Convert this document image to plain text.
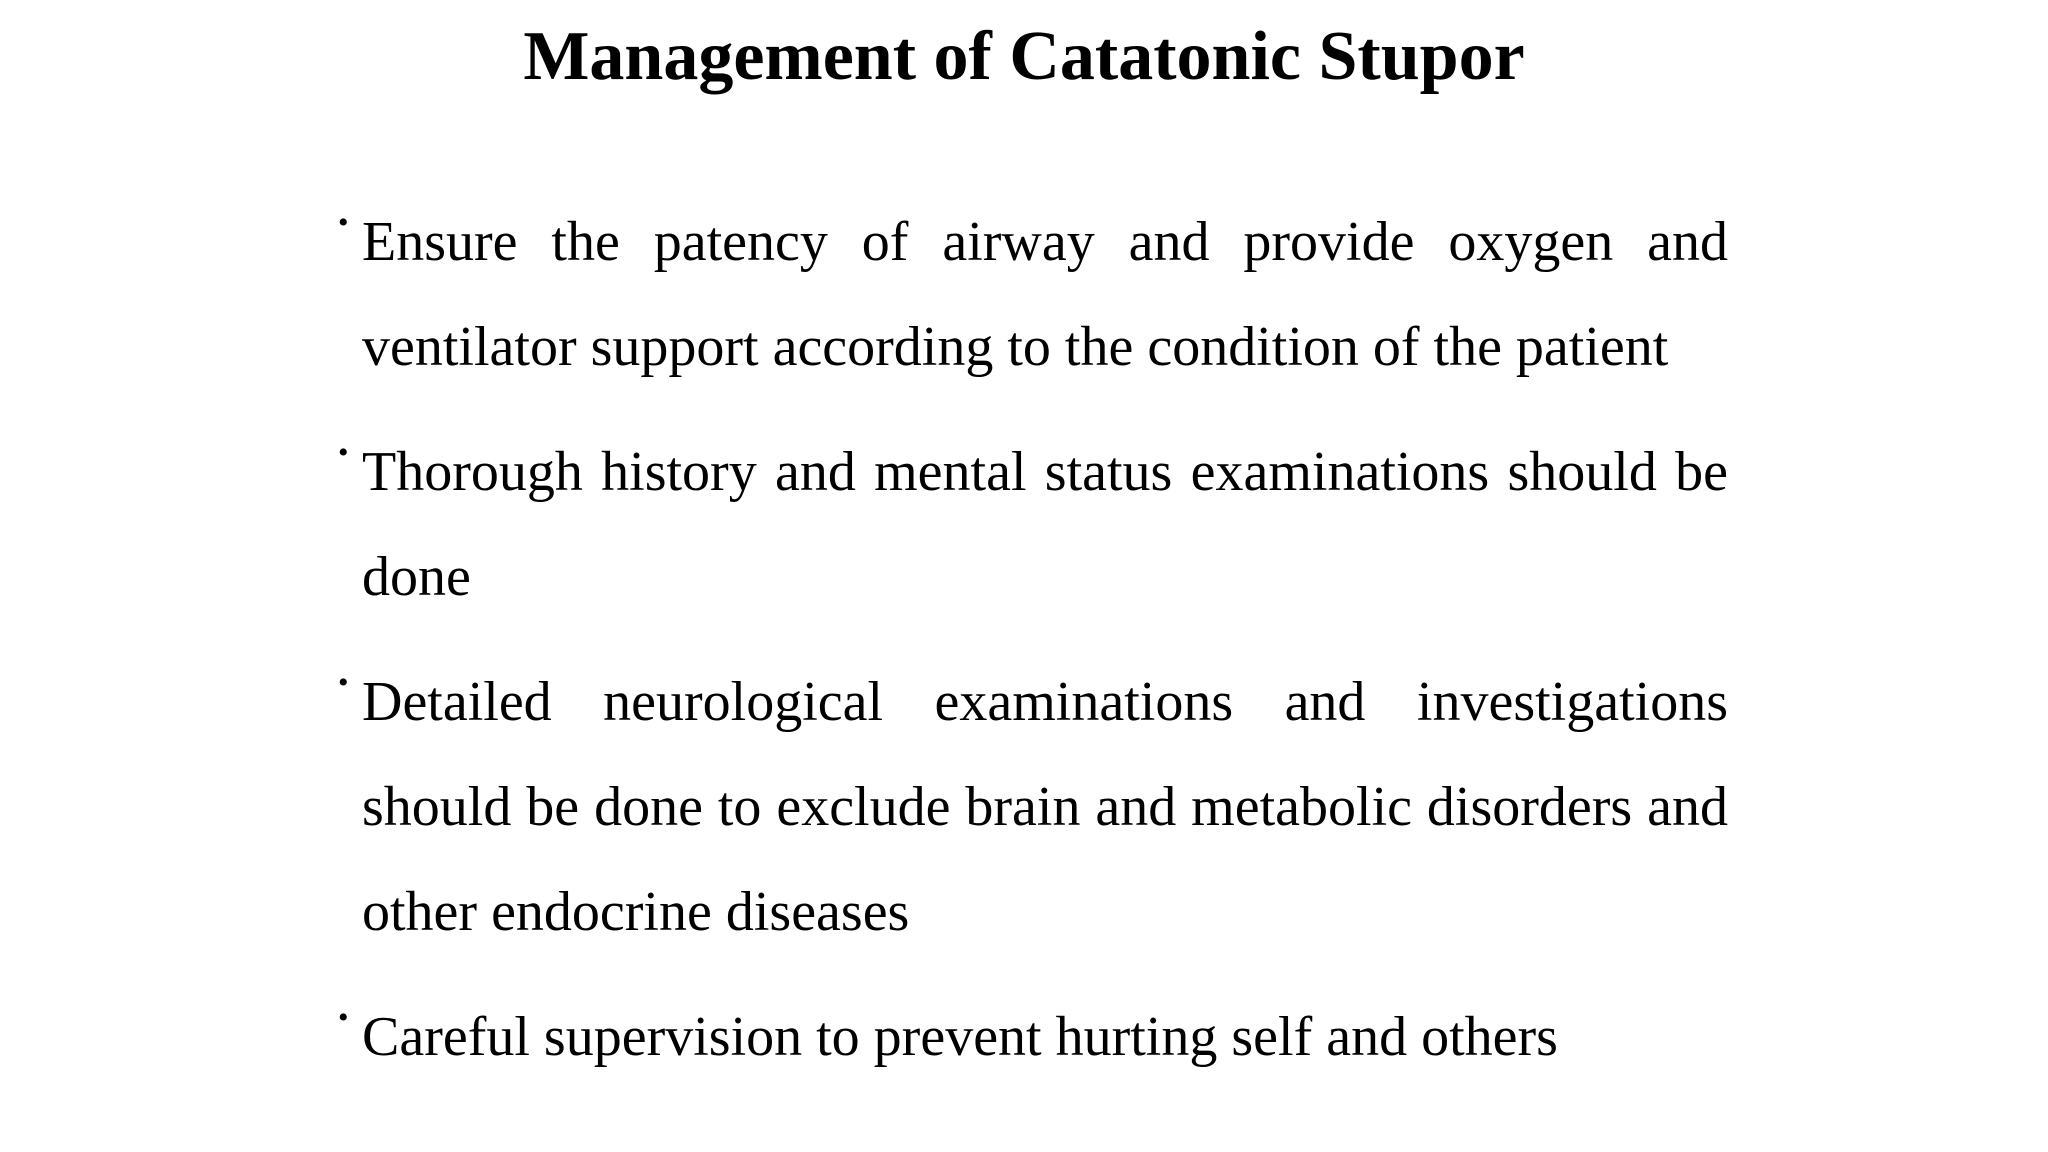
Management of Catatonic Stupor
• Ensure the patency of airway and provide oxygen and ventilator support according to the condition of the patient
• Thorough history and mental status examinations should be done
• Detailed neurological examinations and investigations should be done to exclude brain and metabolic disorders and other endocrine diseases
• Careful supervision to prevent hurting self and others
